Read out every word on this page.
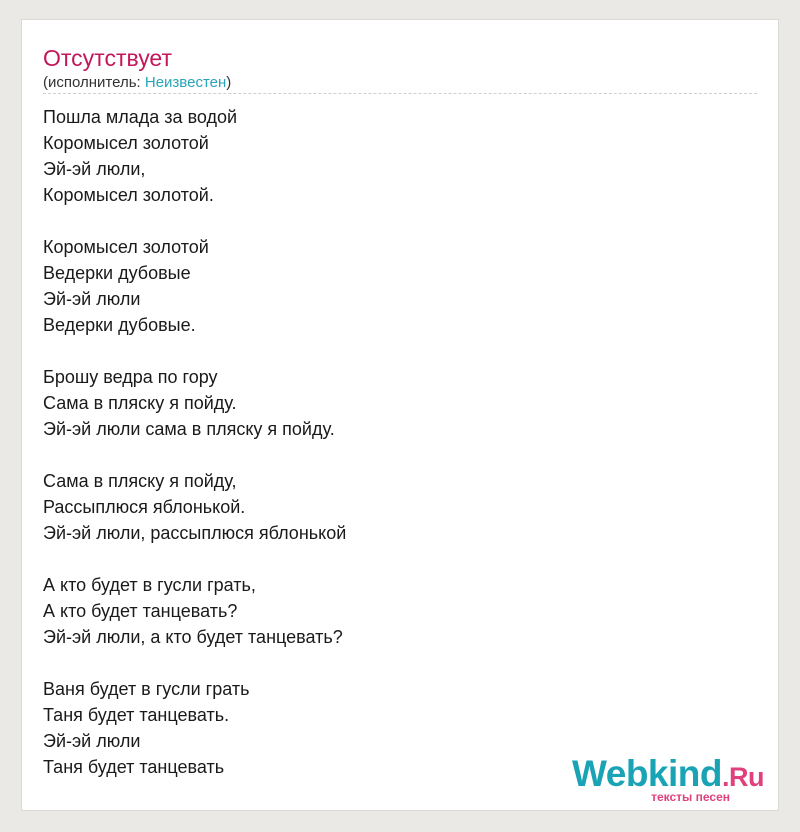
Отсутствует
(исполнитель: Неизвестен)
Пошла млада за водой
Коромысел золотой
Эй-эй люли,
Коромысел золотой.
Коромысел золотой
Ведерки дубовые
Эй-эй люли
Ведерки дубовые.
Брошу ведра по гору
Сама в пляску я пойду.
Эй-эй люли сама в пляску я пойду.
Сама в пляску я пойду,
Рассыплюся яблонькой.
Эй-эй люли, рассыплюся яблонькой
А кто будет в гусли грать,
А кто будет танцевать?
Эй-эй люли, а кто будет танцевать?
Ваня будет в гусли грать
Таня будет танцевать.
Эй-эй люли
Таня будет танцевать	Webkind.Ru
тексты песен
